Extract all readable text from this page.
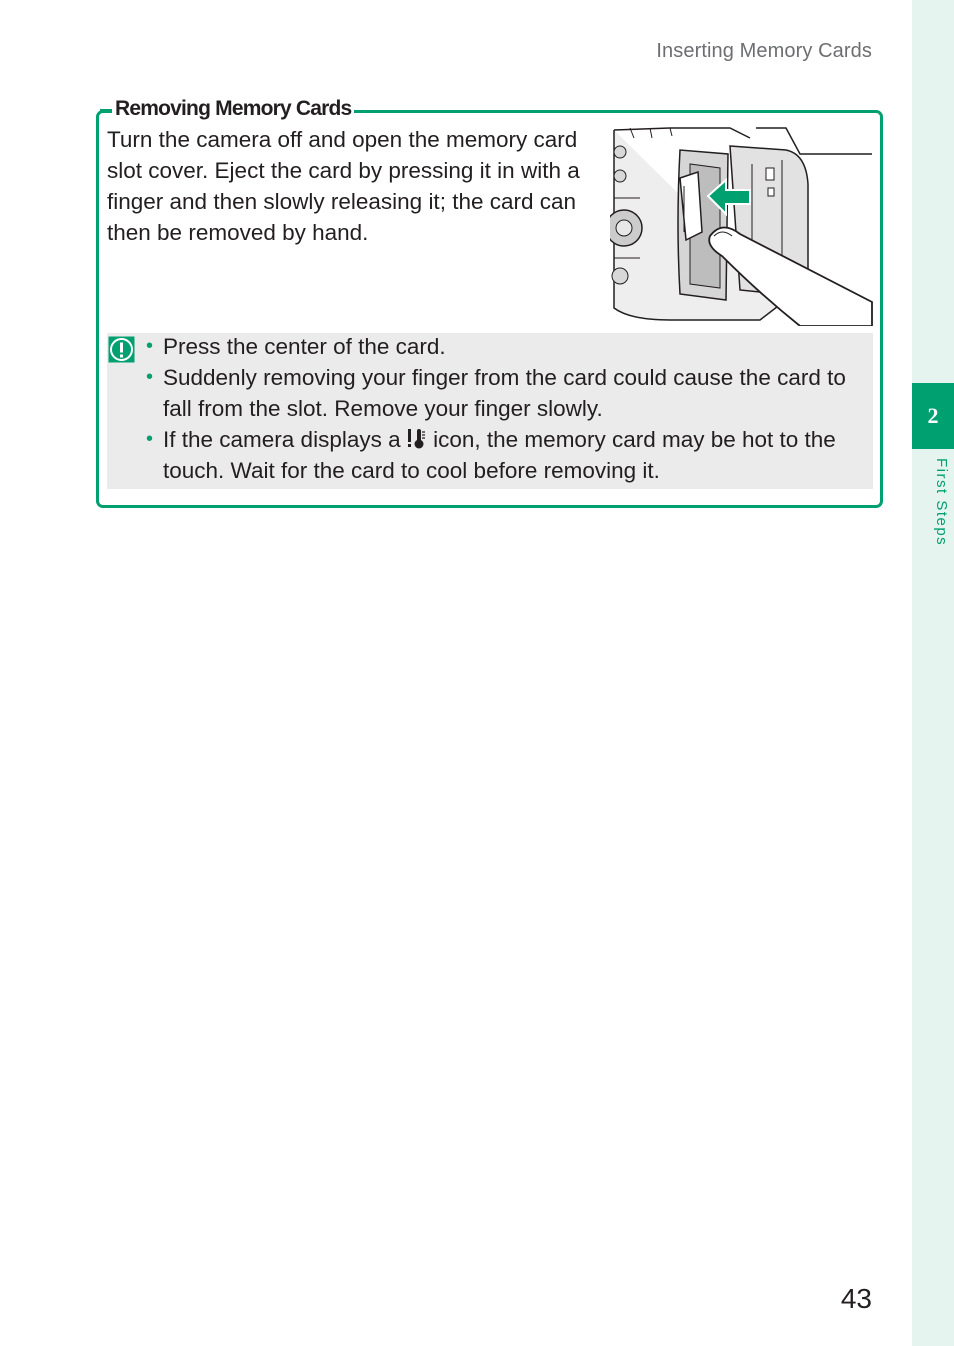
Inserting Memory Cards
2
First Steps
Removing Memory Cards
Turn the camera off and open the memory card slot cover. Eject the card by pressing it in with a finger and then slowly releasing it; the card can then be removed by hand.
• Press the center of the card.
• Suddenly removing your finger from the card could cause the card to fall from the slot. Remove your finger slowly.
• If the camera displays a  icon, the memory card may be hot to the touch. Wait for the card to cool before removing it.
43
